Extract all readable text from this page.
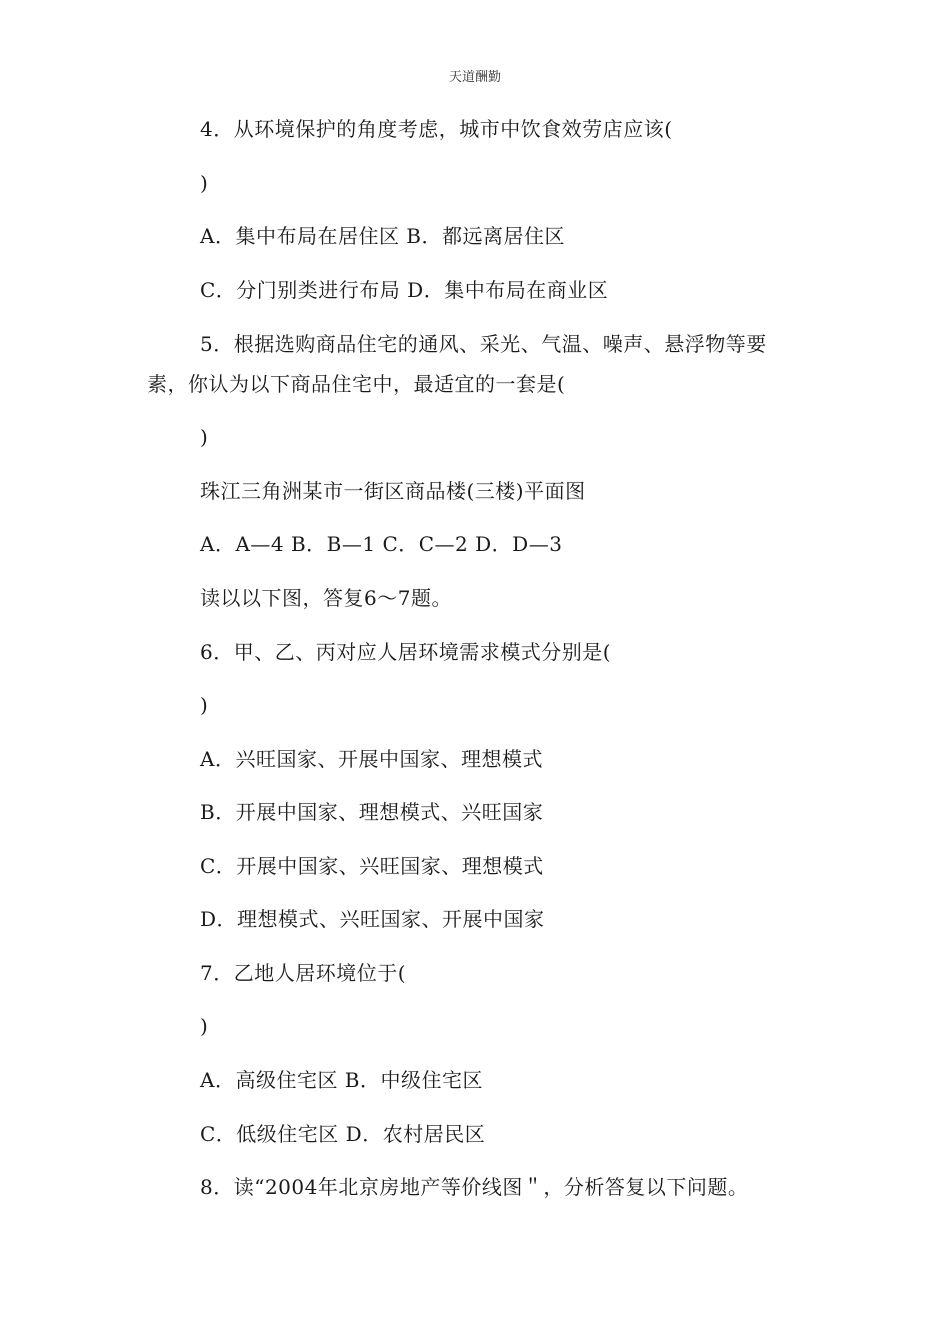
天道酬勤
4．从环境保护的角度考虑，城市中饮食效劳店应该(
)
A．集中布局在居住区 B．都远离居住区
C．分门别类进行布局 D．集中布局在商业区
5．根据选购商品住宅的通风、采光、气温、噪声、悬浮物等要
素，你认为以下商品住宅中，最适宜的一套是(
)
珠江三角洲某市一街区商品楼(三楼)平面图
A．A—4 B．B—1 C．C—2 D．D—3
读以以下图，答复6～7题。
6．甲、乙、丙对应人居环境需求模式分别是(
)
A．兴旺国家、开展中国家、理想模式
B．开展中国家、理想模式、兴旺国家
C．开展中国家、兴旺国家、理想模式
D．理想模式、兴旺国家、开展中国家
7．乙地人居环境位于(
)
A．高级住宅区 B．中级住宅区
C．低级住宅区 D．农村居民区
8．读“2004年北京房地产等价线图＂，分析答复以下问题。
